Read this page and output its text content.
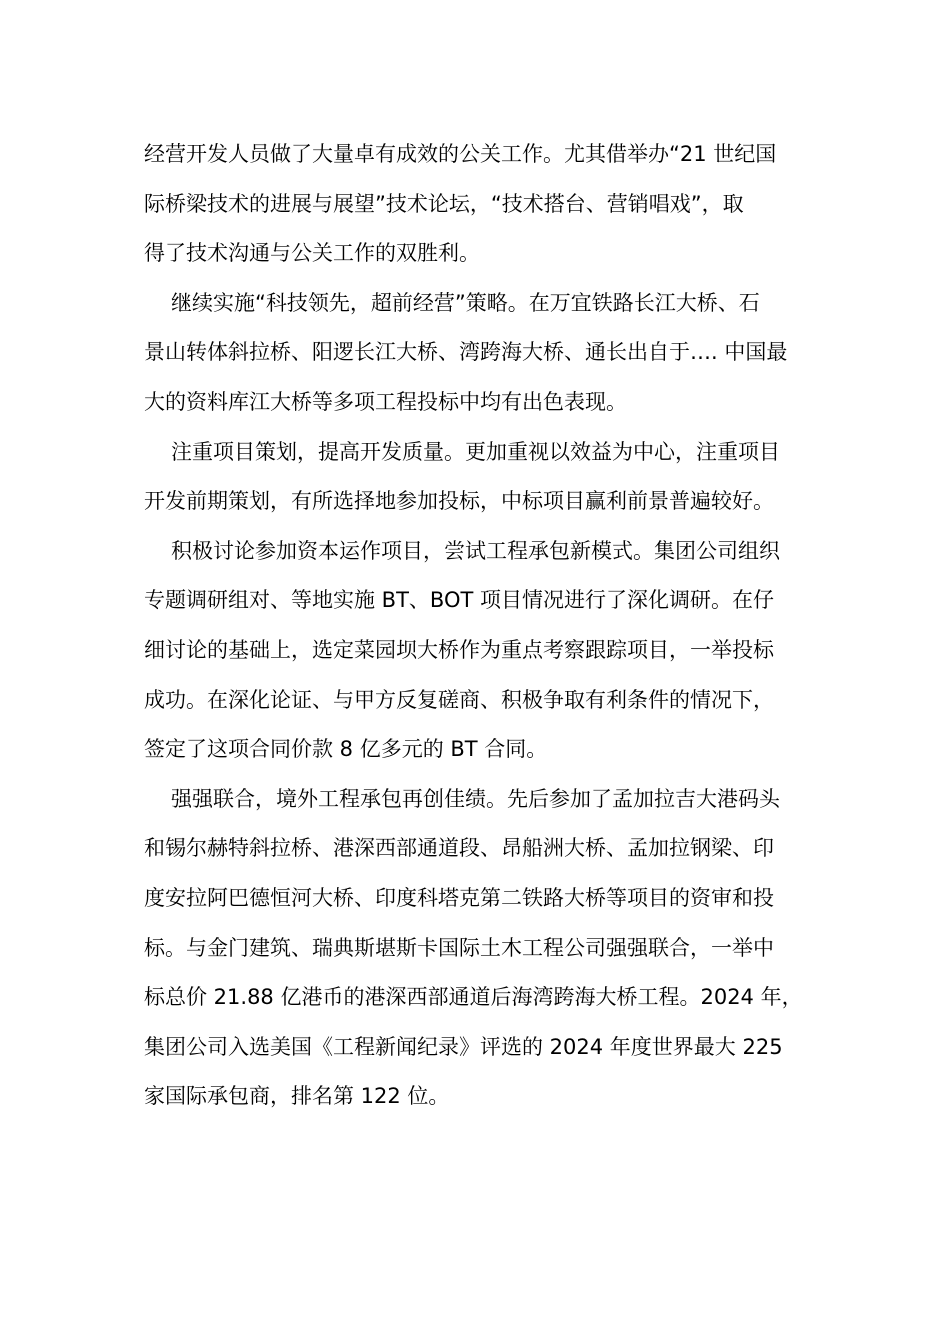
经营开发人员做了大量卓有成效的公关工作。尤其借举办“21 世纪国
际桥梁技术的进展与展望”技术论坛，“技术搭台、营销唱戏”，取
得了技术沟通与公关工作的双胜利。
继续实施“科技领先，超前经营”策略。在万宜铁路长江大桥、石
景山转体斜拉桥、阳逻长江大桥、湾跨海大桥、通长出自于…. 中国最
大的资料库江大桥等多项工程投标中均有出色表现。
注重项目策划，提高开发质量。更加重视以效益为中心，注重项目
开发前期策划，有所选择地参加投标，中标项目赢利前景普遍较好。
积极讨论参加资本运作项目，尝试工程承包新模式。集团公司组织
专题调研组对、等地实施 BT、BOT 项目情况进行了深化调研。在仔
细讨论的基础上，选定菜园坝大桥作为重点考察跟踪项目，一举投标
成功。在深化论证、与甲方反复磋商、积极争取有利条件的情况下，
签定了这项合同价款 8 亿多元的 BT 合同。
强强联合，境外工程承包再创佳绩。先后参加了孟加拉吉大港码头
和锡尔赫特斜拉桥、港深西部通道段、昂船洲大桥、孟加拉钢梁、印
度安拉阿巴德恒河大桥、印度科塔克第二铁路大桥等项目的资审和投
标。与金门建筑、瑞典斯堪斯卡国际土木工程公司强强联合，一举中
标总价 21.88 亿港币的港深西部通道后海湾跨海大桥工程。2024 年，
集团公司入选美国《工程新闻纪录》评选的 2024 年度世界最大 225
家国际承包商，排名第 122 位。
